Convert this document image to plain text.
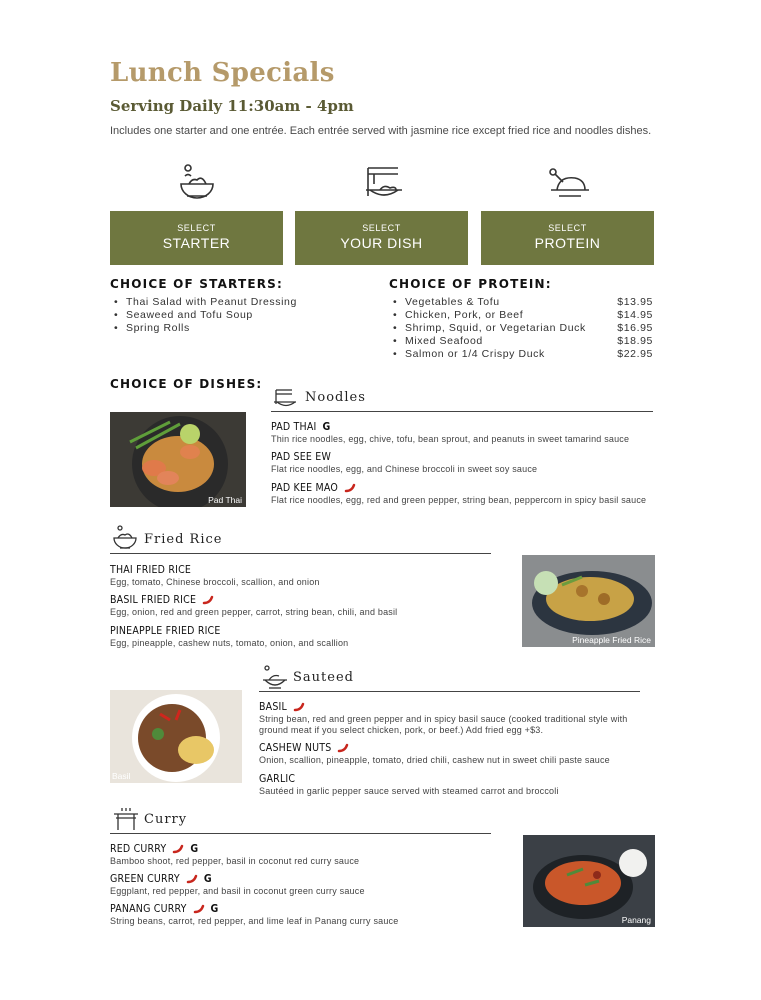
Lunch Specials
Serving Daily 11:30am - 4pm
Includes one starter and one entrée. Each entrée served with jasmine rice except fried rice and noodles dishes.
SELECT
STARTER
SELECT
YOUR DISH
SELECT
PROTEIN
CHOICE OF STARTERS:
• Thai Salad with Peanut Dressing
• Seaweed and Tofu Soup
• Spring Rolls
CHOICE OF PROTEIN:
• Vegetables & Tofu	$13.95
• Chicken, Pork, or Beef	$14.95
• Shrimp, Squid, or Vegetarian Duck	$16.95
• Mixed Seafood	$18.95
• Salmon or 1/4 Crispy Duck	$22.95
CHOICE OF DISHES:
Noodles
Pad Thai
PAD THAI G
Thin rice noodles, egg, chive, tofu, bean sprout, and peanuts in sweet tamarind sauce
PAD SEE EW
Flat rice noodles, egg, and Chinese broccoli in sweet soy sauce
PAD KEE MAO
Flat rice noodles, egg, red and green pepper, string bean, peppercorn in spicy basil sauce
Fried Rice
THAI FRIED RICE
Egg, tomato, Chinese broccoli, scallion, and onion
BASIL FRIED RICE
Egg, onion, red and green pepper, carrot, string bean, chili, and basil
PINEAPPLE FRIED RICE
Egg, pineapple, cashew nuts, tomato, onion, and scallion	Pineapple Fried Rice
Sauteed
Basil
BASIL
String bean, red and green pepper and in spicy basil sauce (cooked traditional style with ground meat if you select chicken, pork, or beef.) Add fried egg +$3.
CASHEW NUTS
Onion, scallion, pineapple, tomato, dried chili, cashew nut in sweet chili paste sauce
GARLIC
Sautéed in garlic pepper sauce served with steamed carrot and broccoli
Curry
RED CURRY G
Bamboo shoot, red pepper, basil in coconut red curry sauce
GREEN CURRY G
Eggplant, red pepper, and basil in coconut green curry sauce
PANANG CURRY G
String beans, carrot, red pepper, and lime leaf in Panang curry sauce	Panang
